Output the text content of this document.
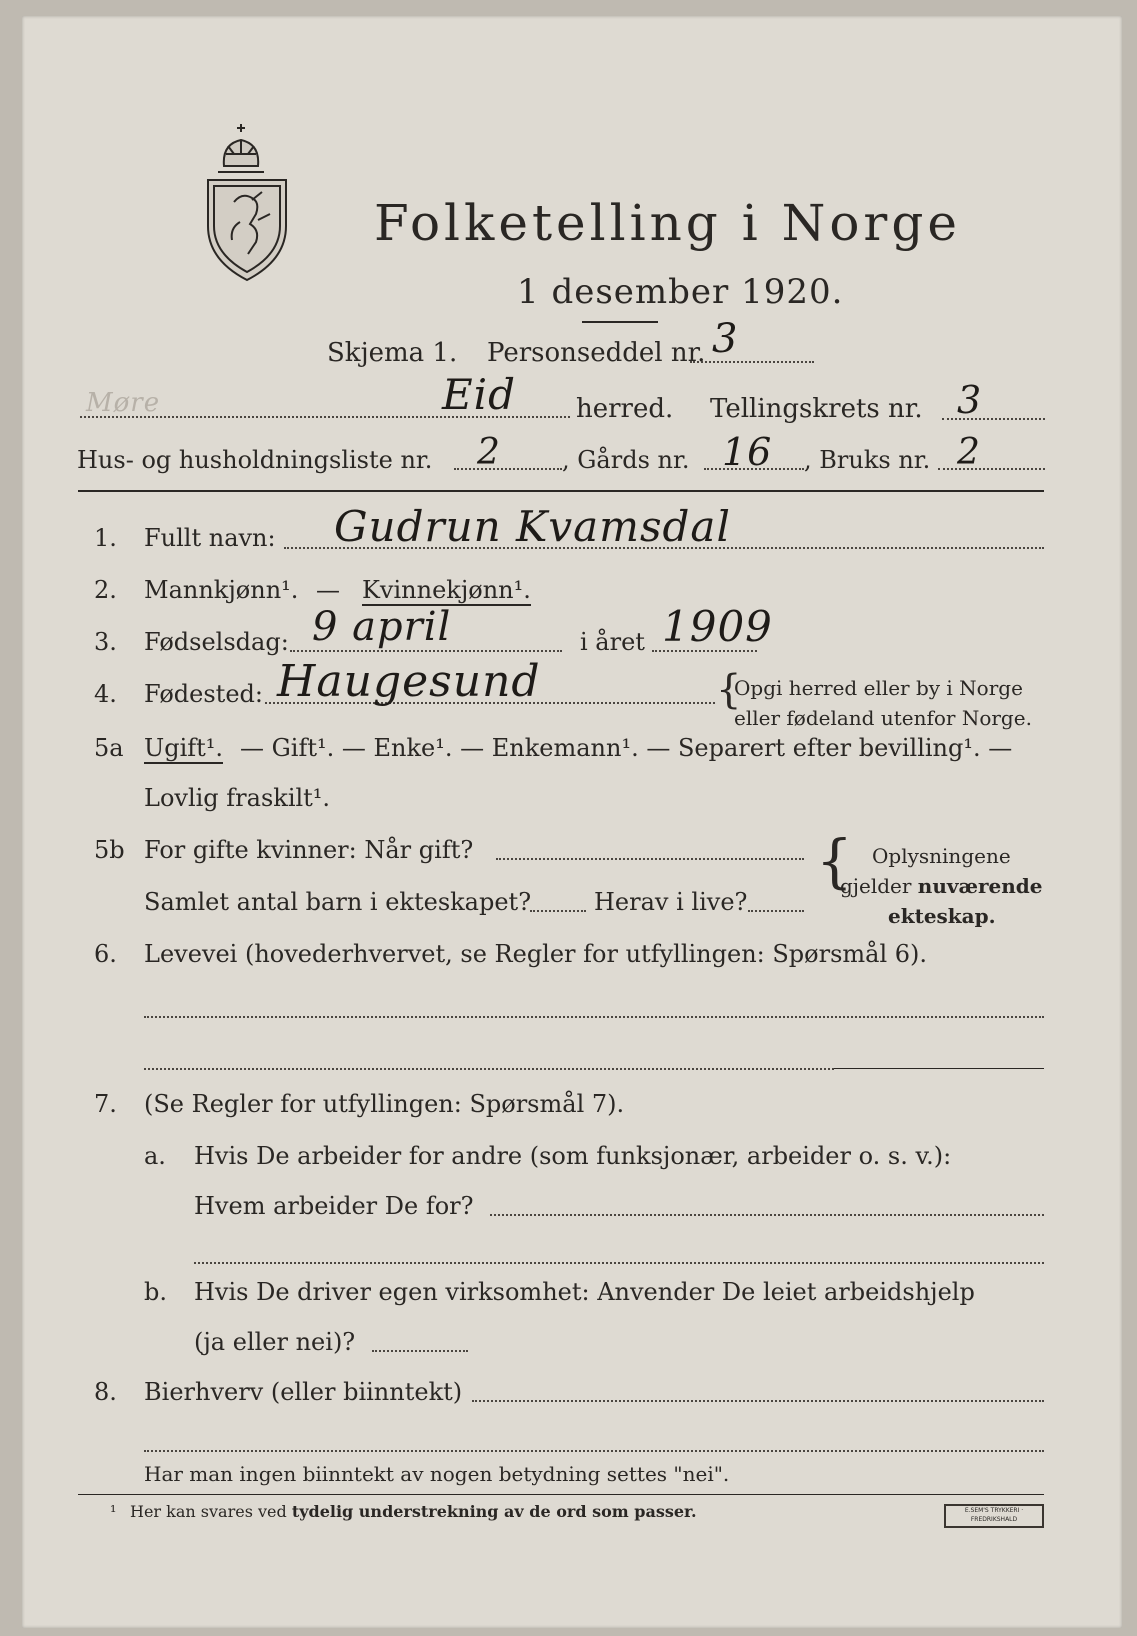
Folketelling i Norge
1 desember 1920.
Skjema 1. Personseddel nr. 3
Møre	Eid herred. Tellingskrets nr. 3
Hus- og husholdningsliste nr. 2	, Gårds nr. 16 , Bruks nr. 2
1. Fullt navn: Gudrun Kvamsdal
2. Mannkjønn¹. — Kvinnekjønn¹.
3. Fødselsdag: 9 april	i året 1909
4. Fødested: Haugesund	{
Opgi herred eller by i Norge
eller fødeland utenfor Norge.
5a Ugift¹. — Gift¹. — Enke¹. — Enkemann¹. — Separert efter bevilling¹. —
Lovlig fraskilt¹.
5b For gifte kvinner: Når gift?
Samlet antal barn i ekteskapet?	Herav i live?
{ Oplysningene
gjelder nuværende
ekteskap.
6. Levevei (hovederhvervet, se Regler for utfyllingen: Spørsmål 6).
7. (Se Regler for utfyllingen: Spørsmål 7).
a. Hvis De arbeider for andre (som funksjonær, arbeider o. s. v.):
Hvem arbeider De for?
b. Hvis De driver egen virksomhet: Anvender De leiet arbeidshjelp
(ja eller nei)?
8. Bierhverv (eller biinntekt)
Har man ingen biinntekt av nogen betydning settes "nei".
¹ Her kan svares ved tydelig understrekning av de ord som passer.	E.SEM'S TRYKKERI · FREDRIKSHALD
